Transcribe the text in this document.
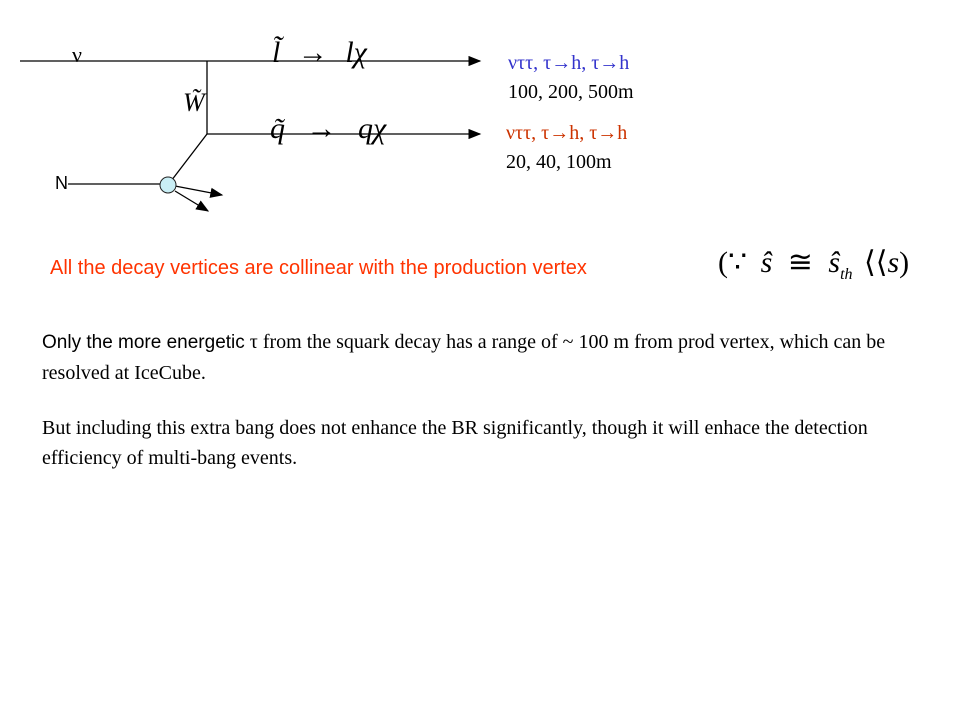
ν
N
W̃
l̃ → lχ
q̃ → qχ
νττ, τ→h, τ→h
100, 200, 500m
νττ, τ→h, τ→h
20, 40, 100m
All the decay vertices are collinear with the production vertex	(∵ ŝ ≅ $ŝ_{th}$ ⟨⟨s)
Only the more energetic τ from the squark decay has a range of ~ 100 m from prod vertex, which can be resolved at IceCube.
But including this extra bang does not enhance the BR significantly, though it will enhace the detection efficiency of multi-bang events.
